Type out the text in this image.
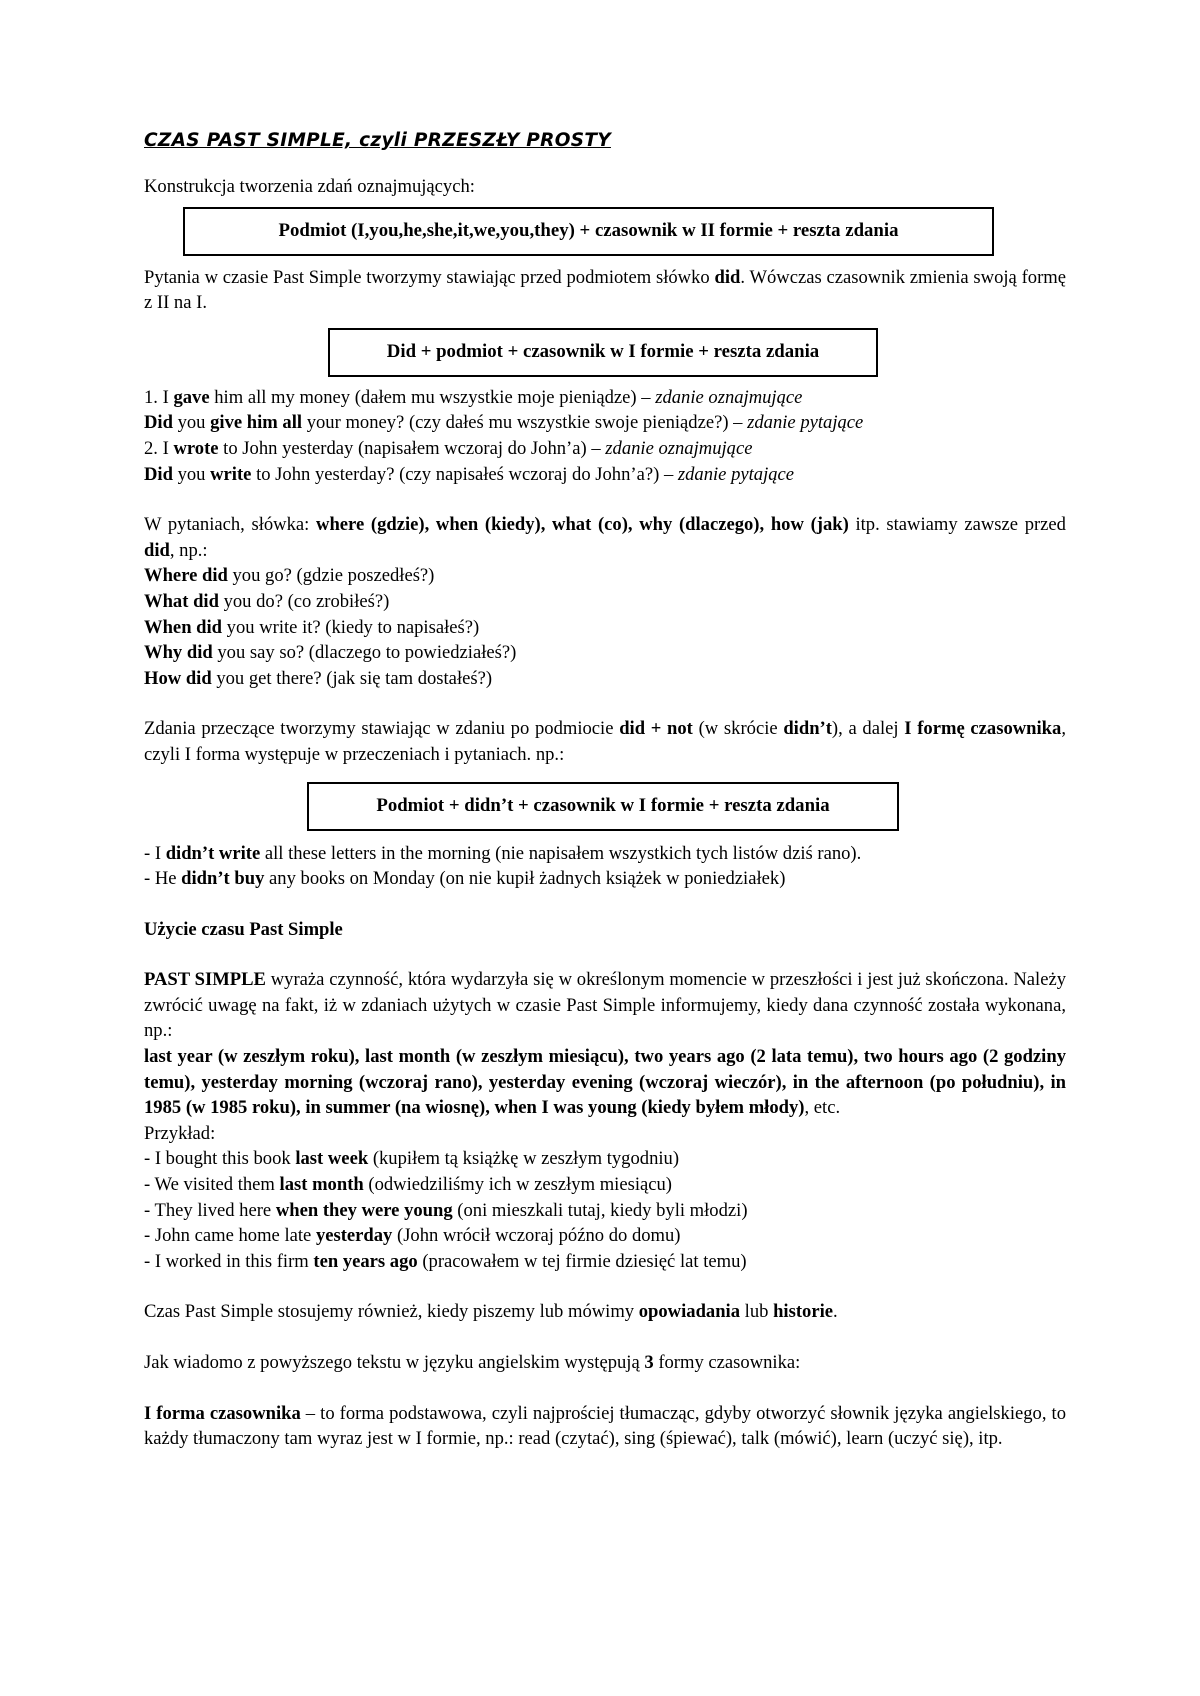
CZAS PAST SIMPLE, czyli PRZESZŁY PROSTY

Konstrukcja tworzenia zdań oznajmujących:

Podmiot (I,you,he,she,it,we,you,they) + czasownik w II formie + reszta zdania

Pytania w czasie Past Simple tworzymy stawiając przed podmiotem słówko did. Wówczas czasownik zmienia swoją formę z II na I.

Did + podmiot + czasownik w I formie + reszta zdania

1. I gave him all my money (dałem mu wszystkie moje pieniądze) – zdanie oznajmujące

Did you give him all your money? (czy dałeś mu wszystkie swoje pieniądze?) – zdanie pytające

2. I wrote to John yesterday (napisałem wczoraj do John’a) – zdanie oznajmujące

Did you write to John yesterday? (czy napisałeś wczoraj do John’a?) – zdanie pytające

W pytaniach, słówka: where (gdzie), when (kiedy), what (co), why (dlaczego), how (jak) itp. stawiamy zawsze przed did, np.:

Where did you go? (gdzie poszedłeś?)

What did you do? (co zrobiłeś?)

When did you write it? (kiedy to napisałeś?)

Why did you say so? (dlaczego to powiedziałeś?)

How did you get there? (jak się tam dostałeś?)

Zdania przeczące tworzymy stawiając w zdaniu po podmiocie did + not (w skrócie didn’t), a dalej I formę czasownika, czyli I forma występuje w przeczeniach i pytaniach. np.:

Podmiot + didn’t + czasownik w I formie + reszta zdania

- I didn’t write all these letters in the morning (nie napisałem wszystkich tych listów dziś rano).

- He didn’t buy any books on Monday (on nie kupił żadnych książek w poniedziałek)

Użycie czasu Past Simple

PAST SIMPLE wyraża czynność, która wydarzyła się w określonym momencie w przeszłości i jest już skończona. Należy zwrócić uwagę na fakt, iż w zdaniach użytych w czasie Past Simple informujemy, kiedy dana czynność została wykonana, np.:

last year (w zeszłym roku), last month (w zeszłym miesiącu), two years ago (2 lata temu), two hours ago (2 godziny temu), yesterday morning (wczoraj rano), yesterday evening (wczoraj wieczór), in the afternoon (po południu), in 1985 (w 1985 roku), in summer (na wiosnę), when I was young (kiedy byłem młody), etc.

Przykład:

- I bought this book last week (kupiłem tą książkę w zeszłym tygodniu)

- We visited them last month (odwiedziliśmy ich w zeszłym miesiącu)

- They lived here when they were young (oni mieszkali tutaj, kiedy byli młodzi)

- John came home late yesterday (John wrócił wczoraj późno do domu)

- I worked in this firm ten years ago (pracowałem w tej firmie dziesięć lat temu)

Czas Past Simple stosujemy również, kiedy piszemy lub mówimy opowiadania lub historie.

Jak wiadomo z powyższego tekstu w języku angielskim występują 3 formy czasownika:

I forma czasownika – to forma podstawowa, czyli najprościej tłumacząc, gdyby otworzyć słownik języka angielskiego, to każdy tłumaczony tam wyraz jest w I formie, np.: read (czytać), sing (śpiewać), talk (mówić), learn (uczyć się), itp.
